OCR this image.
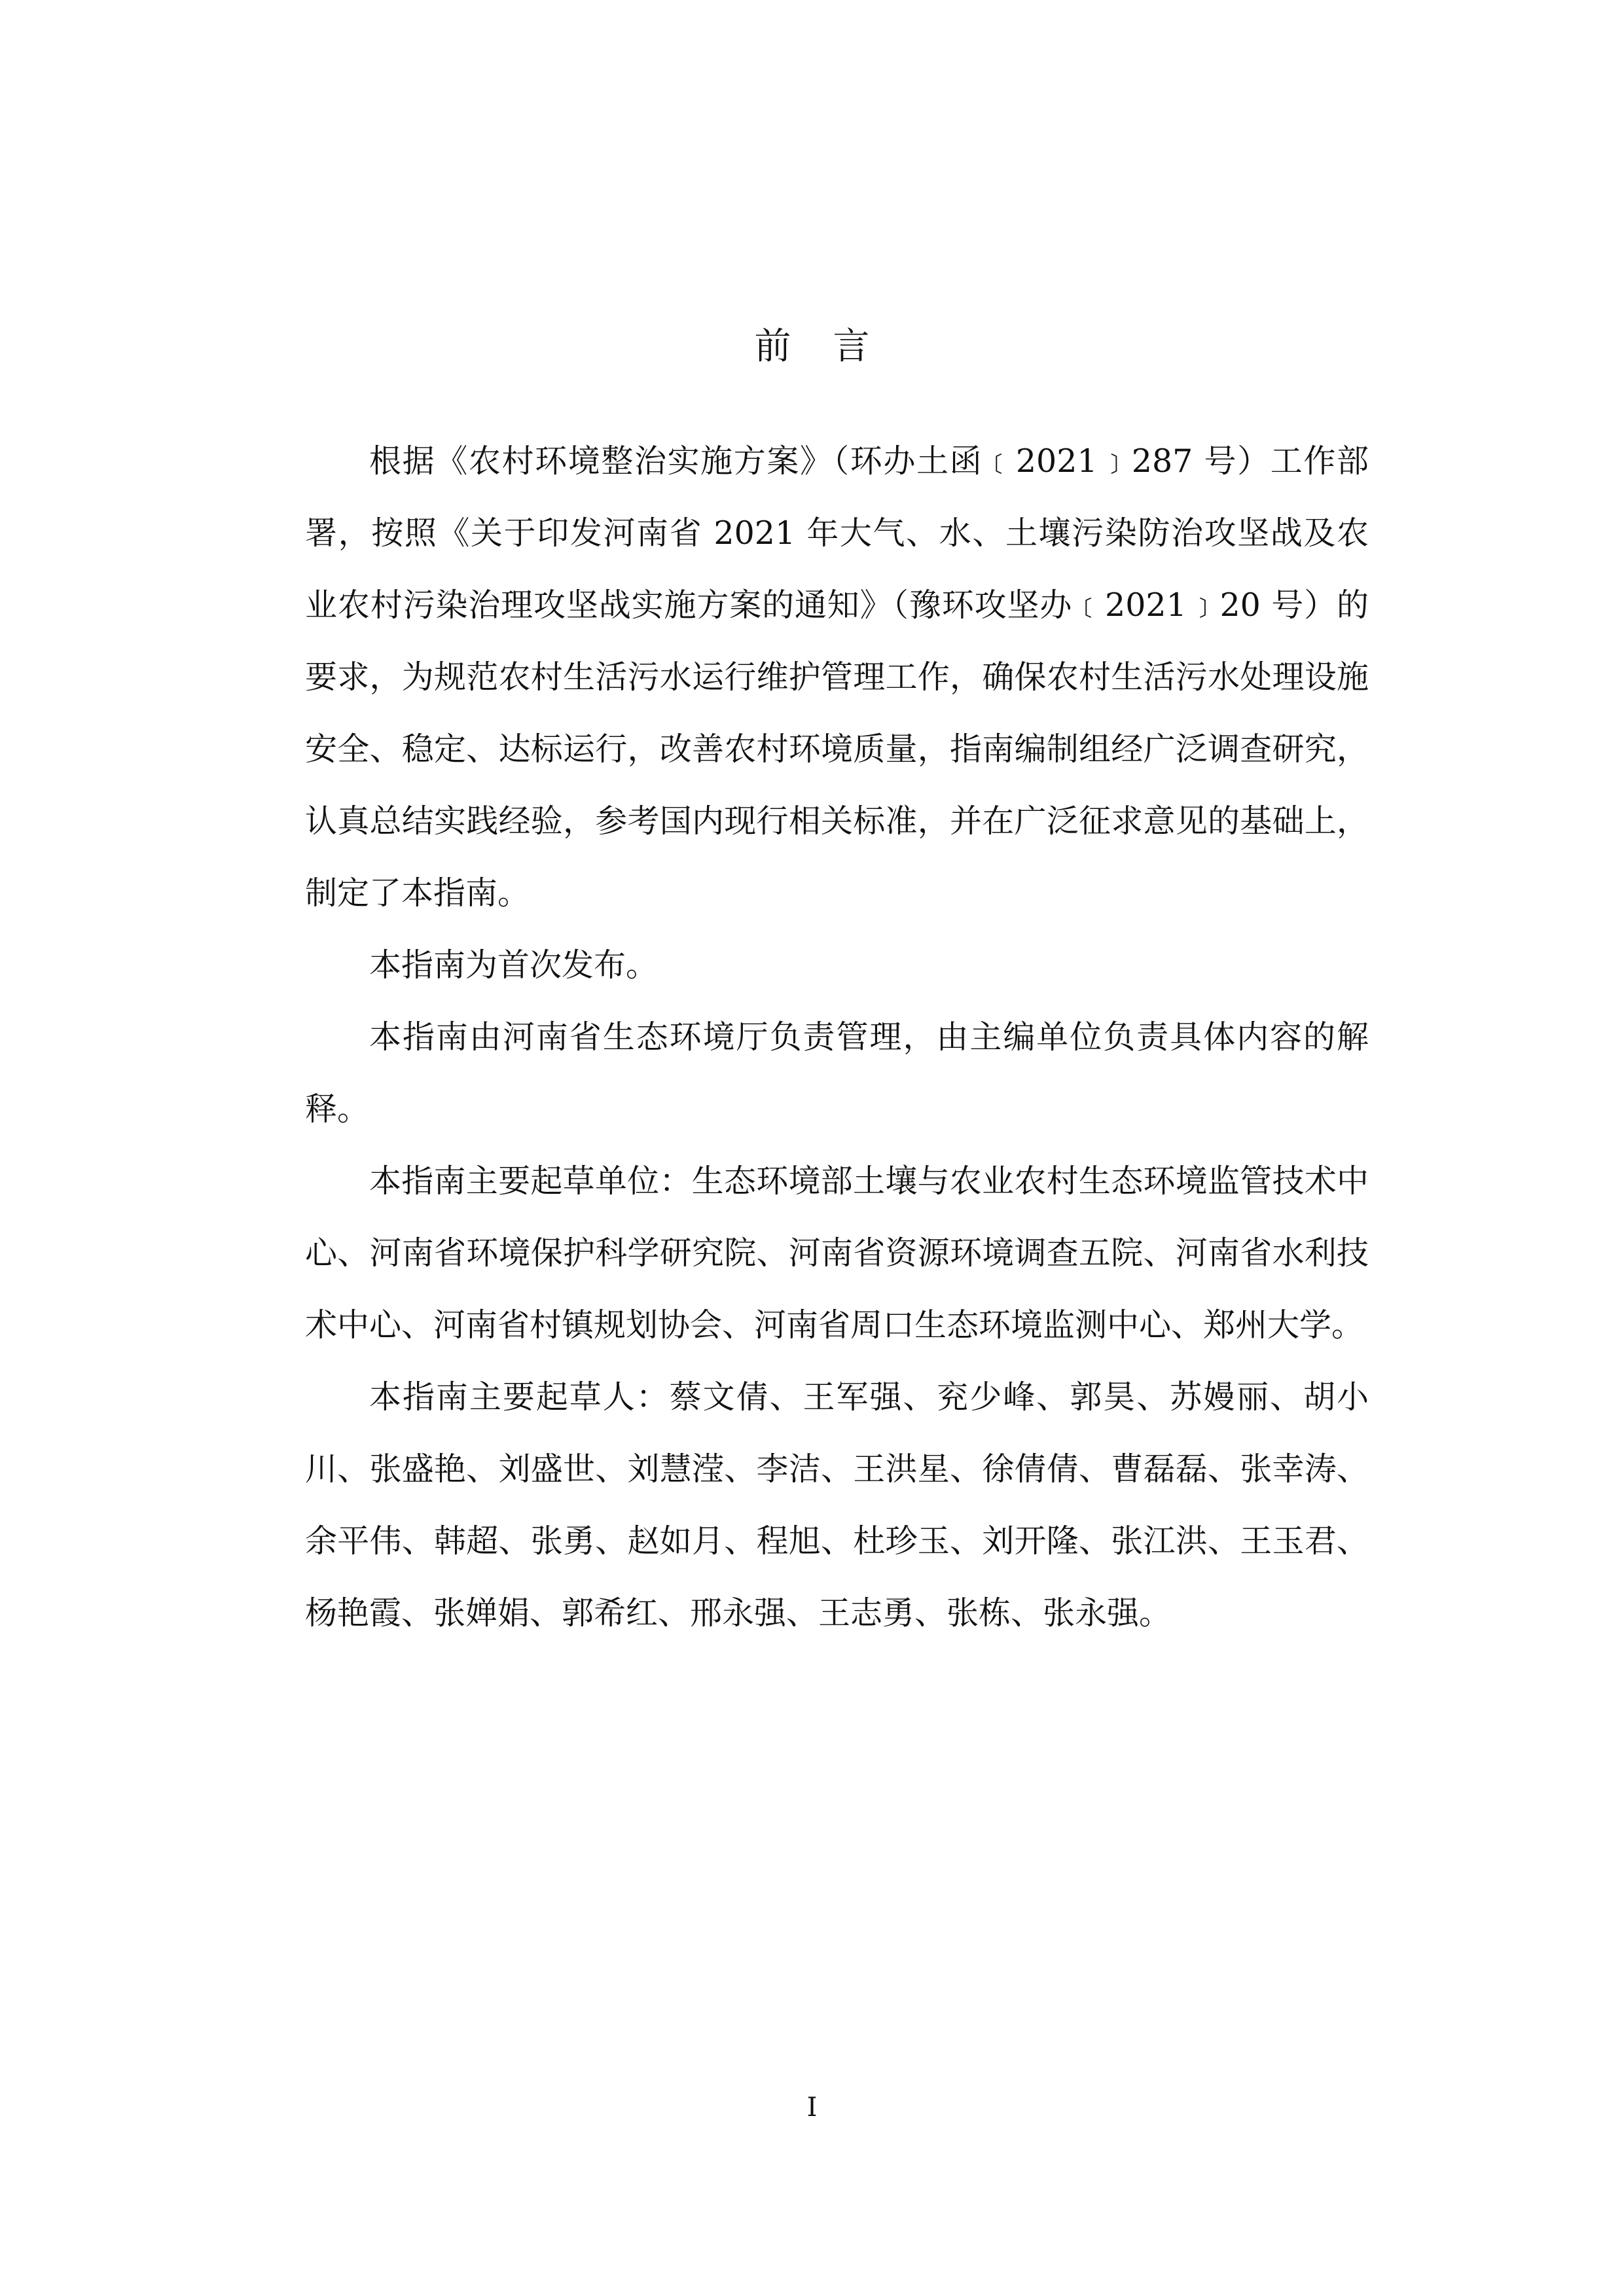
前言

根据《农村环境整治实施方案》（环办土函﹝2021﹞287 号）工作部署，按照《关于印发河南省 2021 年大气、水、土壤污染防治攻坚战及农业农村污染治理攻坚战实施方案的通知》（豫环攻坚办﹝2021﹞20 号）的要求，为规范农村生活污水运行维护管理工作，确保农村生活污水处理设施安全、稳定、达标运行，改善农村环境质量，指南编制组经广泛调查研究，认真总结实践经验，参考国内现行相关标准，并在广泛征求意见的基础上，制定了本指南。

本指南为首次发布。

本指南由河南省生态环境厅负责管理，由主编单位负责具体内容的解释。

本指南主要起草单位：生态环境部土壤与农业农村生态环境监管技术中心、河南省环境保护科学研究院、河南省资源环境调查五院、河南省水利技术中心、河南省村镇规划协会、河南省周口生态环境监测中心、郑州大学。

本指南主要起草人：蔡文倩、王军强、兖少峰、郭昊、苏嫚丽、胡小川、张盛艳、刘盛世、刘慧滢、李洁、王洪星、徐倩倩、曹磊磊、张幸涛、余平伟、韩超、张勇、赵如月、程旭、杜珍玉、刘开隆、张江洪、王玉君、杨艳霞、张婵娟、郭希红、邢永强、王志勇、张栋、张永强。

I
